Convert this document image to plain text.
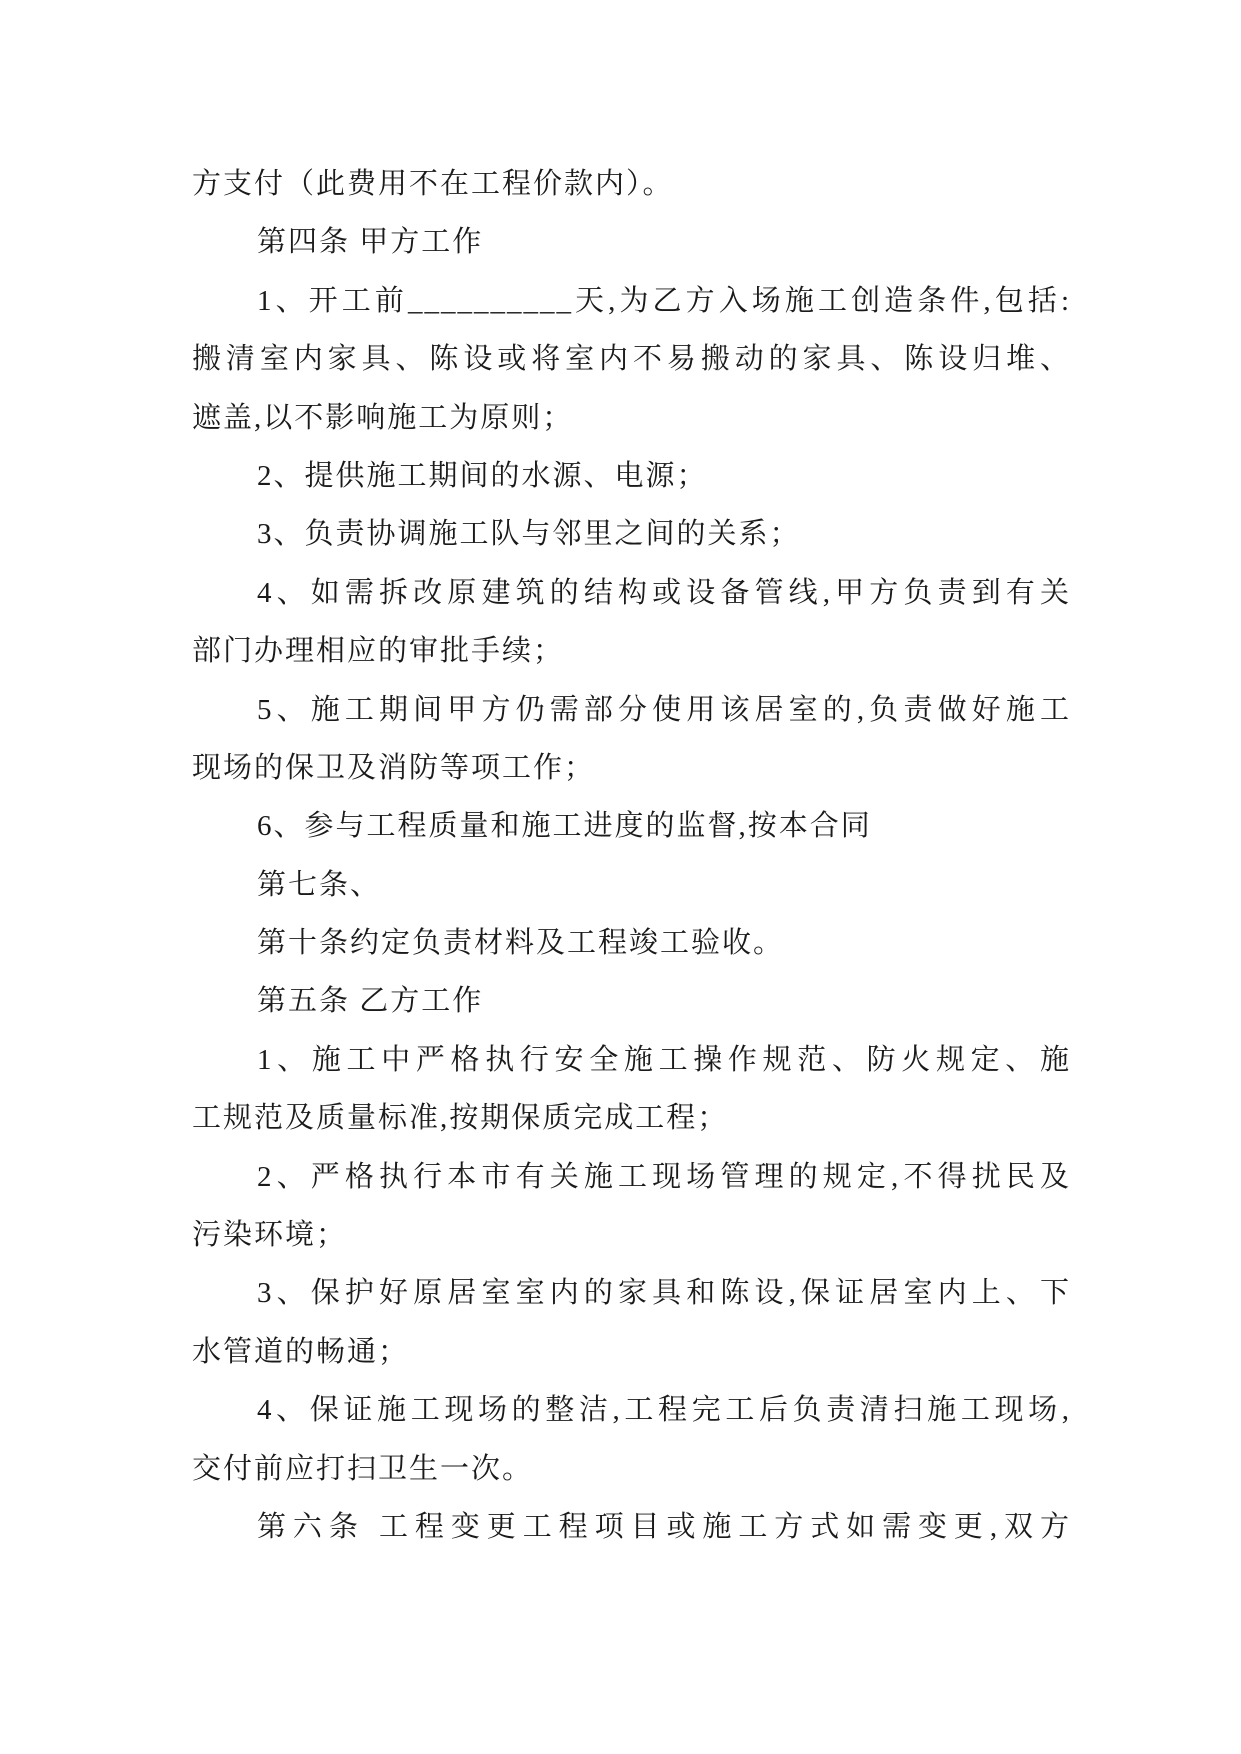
方支付（此费用不在工程价款内）。
第四条 甲方工作
1、开工前__________天,为乙方入场施工创造条件,包括:
搬清室内家具、陈设或将室内不易搬动的家具、陈设归堆、
遮盖,以不影响施工为原则；
2、提供施工期间的水源、电源；
3、负责协调施工队与邻里之间的关系；
4、如需拆改原建筑的结构或设备管线,甲方负责到有关
部门办理相应的审批手续；
5、施工期间甲方仍需部分使用该居室的,负责做好施工
现场的保卫及消防等项工作；
6、参与工程质量和施工进度的监督,按本合同
第七条、
第十条约定负责材料及工程竣工验收。
第五条 乙方工作
1、施工中严格执行安全施工操作规范、防火规定、施
工规范及质量标准,按期保质完成工程；
2、严格执行本市有关施工现场管理的规定,不得扰民及
污染环境；
3、保护好原居室室内的家具和陈设,保证居室内上、下
水管道的畅通；
4、保证施工现场的整洁,工程完工后负责清扫施工现场,
交付前应打扫卫生一次。
第六条 工程变更工程项目或施工方式如需变更,双方
